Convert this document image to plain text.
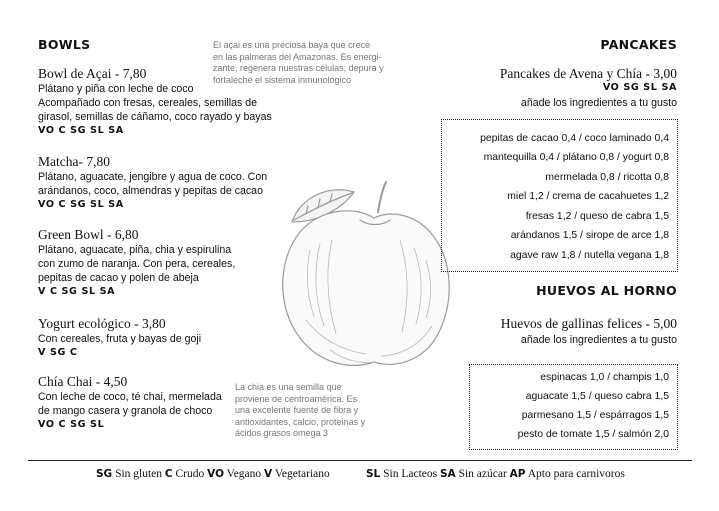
BOWLS
Bowl de Açai - 7,80
Plátano y piña con leche de coco
Acompañado con fresas, cereales, semillas de
girasol, semillas de cáñamo, coco rayado y bayas
VO C SG SL SA
Matcha- 7,80
Plátano, aguacate, jengibre y agua de coco. Con
arándanos, coco, almendras y pepitas de cacao
VO C SG SL SA
Green Bowl - 6,80
Plátano, aguacate, piña, chia y espirulina
con zumo de naranja. Con pera, cereales,
pepitas de cacao y polen de abeja
V C SG SL SA
Yogurt ecológico - 3,80
Con cereales, fruta y bayas de goji
V SG C
Chía Chai - 4,50
Con leche de coco, té chai, mermelada
de mango casera y granola de choco
VO C SG SL
El açai es una preciosa baya que crece
en las palmeras del Amazonas. Es energi-
zante, regenera nuestras células, depura y
fortaleche el sistema inmunológico
La chia es una semilla que
proviene de centroamérica. Es
una excelente fuente de fibra y
antioxidantes, calcio, proteinas y
ácidos grasos omega 3
PANCAKES
Pancakes de Avena y Chía - 3,00
VO SG SL SA
añade los ingredientes a tu gusto
pepitas de cacao 0,4 / coco laminado 0,4
mantequilla 0,4 / plátano 0,8 / yogurt 0,8
mermelada 0,8 / ricotta 0,8
miel 1,2 / crema de cacahuetes 1,2
fresas 1,2 / queso de cabra 1,5
arándanos 1,5 / sirope de arce 1,8
agave raw 1,8 / nutella vegana 1,8
HUEVOS AL HORNO
Huevos de gallinas felices - 5,00
añade los ingredientes a tu gusto
espinacas 1,0 / champis 1,0
aguacate 1,5 / queso cabra 1,5
parmesano 1,5 / espárragos 1,5
pesto de tomate 1,5 / salmón 2,0
SG Sin gluten C Crudo VO Vegano V Vegetariano	SL Sin Lacteos SA Sin azúcar AP Apto para carnivoros
